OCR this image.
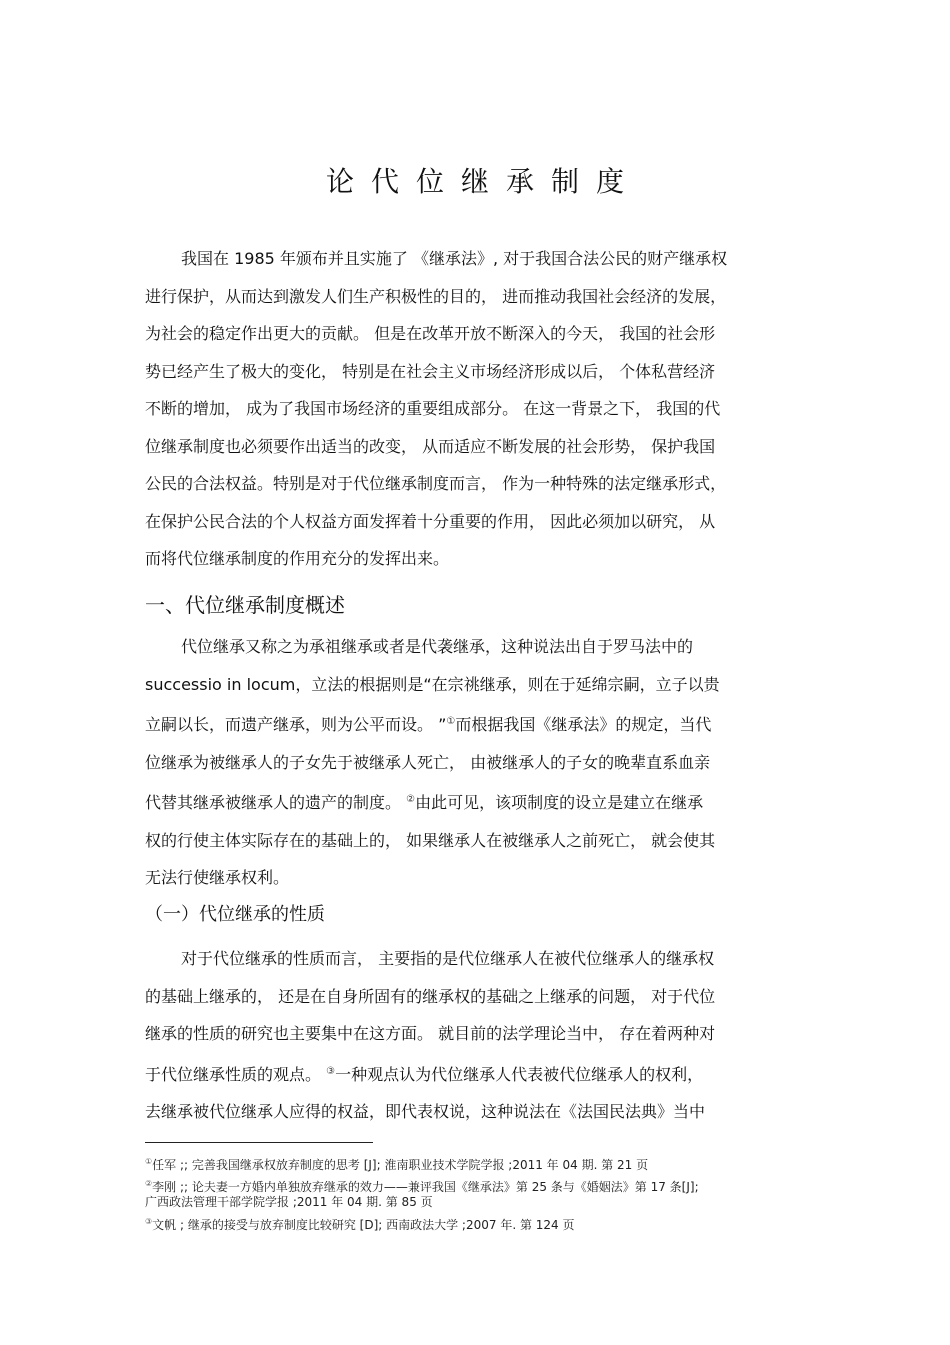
论代位继承制度
我国在 1985 年颁布并且实施了 《继承法》, 对于我国合法公民的财产继承权
进行保护，从而达到激发人们生产积极性的目的， 进而推动我国社会经济的发展，
为社会的稳定作出更大的贡献。 但是在改革开放不断深入的今天， 我国的社会形
势已经产生了极大的变化， 特别是在社会主义市场经济形成以后， 个体私营经济
不断的增加， 成为了我国市场经济的重要组成部分。 在这一背景之下， 我国的代
位继承制度也必须要作出适当的改变， 从而适应不断发展的社会形势， 保护我国
公民的合法权益。特别是对于代位继承制度而言， 作为一种特殊的法定继承形式，
在保护公民合法的个人权益方面发挥着十分重要的作用， 因此必须加以研究， 从
而将代位继承制度的作用充分的发挥出来。
一、代位继承制度概述
代位继承又称之为承祖继承或者是代袭继承，这种说法出自于罗马法中的
successio in locum，立法的根据则是“在宗祧继承，则在于延绵宗嗣，立子以贵
立嗣以长，而遗产继承，则为公平而设。 ”①而根据我国《继承法》的规定，当代
位继承为被继承人的子女先于被继承人死亡， 由被继承人的子女的晚辈直系血亲
代替其继承被继承人的遗产的制度。 ②由此可见，该项制度的设立是建立在继承
权的行使主体实际存在的基础上的， 如果继承人在被继承人之前死亡， 就会使其
无法行使继承权利。
（一）代位继承的性质
对于代位继承的性质而言， 主要指的是代位继承人在被代位继承人的继承权
的基础上继承的， 还是在自身所固有的继承权的基础之上继承的问题， 对于代位
继承的性质的研究也主要集中在这方面。 就目前的法学理论当中， 存在着两种对
于代位继承性质的观点。 ③一种观点认为代位继承人代表被代位继承人的权利，
去继承被代位继承人应得的权益，即代表权说，这种说法在《法国民法典》当中
①任军 ;; 完善我国继承权放弃制度的思考 [J]; 淮南职业技术学院学报 ;2011 年 04 期. 第 21 页
②李刚 ;; 论夫妻一方婚内单独放弃继承的效力——兼评我国《继承法》第 25 条与《婚姻法》第 17 条[J];
广西政法管理干部学院学报 ;2011 年 04 期. 第 85 页
③文帆 ; 继承的接受与放弃制度比较研究 [D]; 西南政法大学 ;2007 年. 第 124 页
